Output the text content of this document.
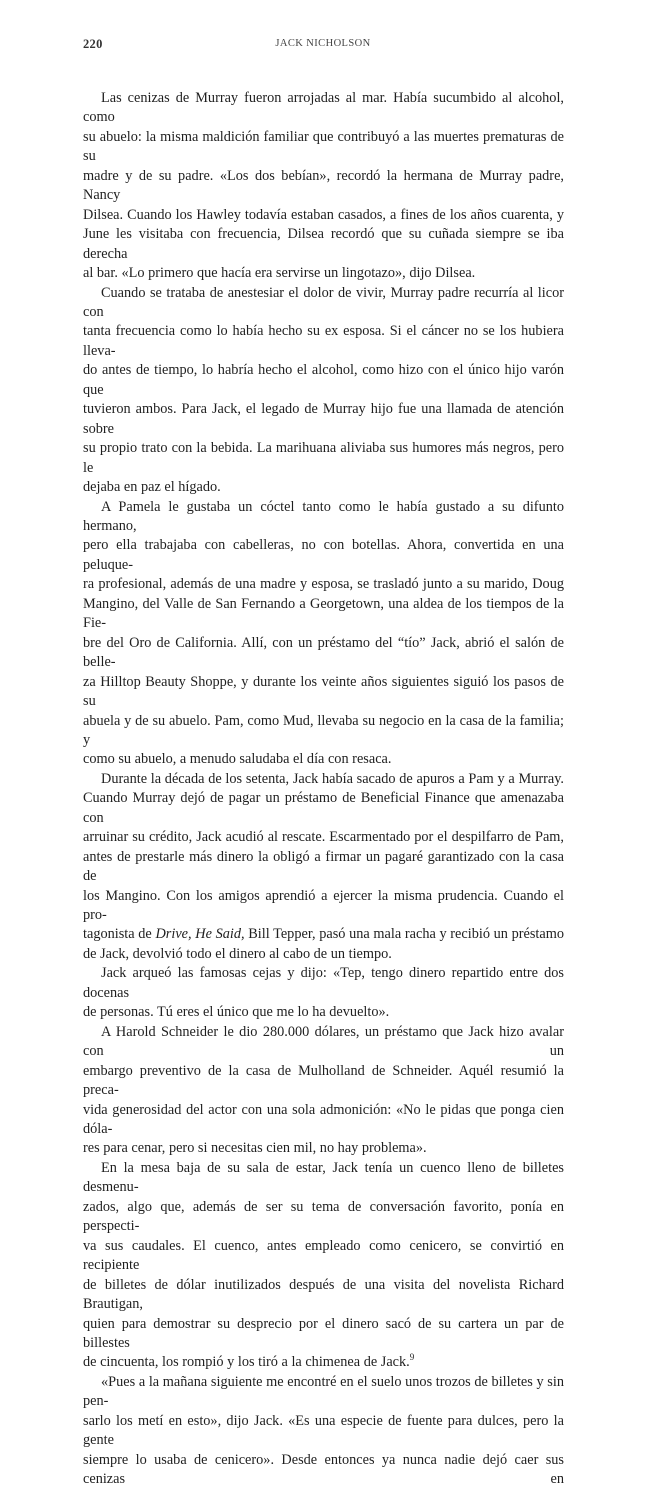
220	JACK NICHOLSON

Las cenizas de Murray fueron arrojadas al mar. Había sucumbido al alcohol, como
su abuelo: la misma maldición familiar que contribuyó a las muertes prematuras de su
madre y de su padre. «Los dos bebían», recordó la hermana de Murray padre, Nancy
Dilsea. Cuando los Hawley todavía estaban casados, a fines de los años cuarenta, y
June les visitaba con frecuencia, Dilsea recordó que su cuñada siempre se iba derecha
al bar. «Lo primero que hacía era servirse un lingotazo», dijo Dilsea.

Cuando se trataba de anestesiar el dolor de vivir, Murray padre recurría al licor con
tanta frecuencia como lo había hecho su ex esposa. Si el cáncer no se los hubiera lleva-
do antes de tiempo, lo habría hecho el alcohol, como hizo con el único hijo varón que
tuvieron ambos. Para Jack, el legado de Murray hijo fue una llamada de atención sobre
su propio trato con la bebida. La marihuana aliviaba sus humores más negros, pero le
dejaba en paz el hígado.

A Pamela le gustaba un cóctel tanto como le había gustado a su difunto hermano,
pero ella trabajaba con cabelleras, no con botellas. Ahora, convertida en una peluque-
ra profesional, además de una madre y esposa, se trasladó junto a su marido, Doug
Mangino, del Valle de San Fernando a Georgetown, una aldea de los tiempos de la Fie-
bre del Oro de California. Allí, con un préstamo del “tío” Jack, abrió el salón de belle-
za Hilltop Beauty Shoppe, y durante los veinte años siguientes siguió los pasos de su
abuela y de su abuelo. Pam, como Mud, llevaba su negocio en la casa de la familia; y
como su abuelo, a menudo saludaba el día con resaca.

Durante la década de los setenta, Jack había sacado de apuros a Pam y a Murray.
Cuando Murray dejó de pagar un préstamo de Beneficial Finance que amenazaba con
arruinar su crédito, Jack acudió al rescate. Escarmentado por el despilfarro de Pam,
antes de prestarle más dinero la obligó a firmar un pagaré garantizado con la casa de
los Mangino. Con los amigos aprendió a ejercer la misma prudencia. Cuando el pro-
tagonista de Drive, He Said, Bill Tepper, pasó una mala racha y recibió un préstamo
de Jack, devolvió todo el dinero al cabo de un tiempo.

Jack arqueó las famosas cejas y dijo: «Tep, tengo dinero repartido entre dos docenas
de personas. Tú eres el único que me lo ha devuelto».

A Harold Schneider le dio 280.000 dólares, un préstamo que Jack hizo avalar con un
embargo preventivo de la casa de Mulholland de Schneider. Aquél resumió la preca-
vida generosidad del actor con una sola admonición: «No le pidas que ponga cien dóla-
res para cenar, pero si necesitas cien mil, no hay problema».

En la mesa baja de su sala de estar, Jack tenía un cuenco lleno de billetes desmenu-
zados, algo que, además de ser su tema de conversación favorito, ponía en perspecti-
va sus caudales. El cuenco, antes empleado como cenicero, se convirtió en recipiente
de billetes de dólar inutilizados después de una visita del novelista Richard Brautigan,
quien para demostrar su desprecio por el dinero sacó de su cartera un par de billestes
de cincuenta, los rompió y los tiró a la chimenea de Jack.$^9$

«Pues a la mañana siguiente me encontré en el suelo unos trozos de billetes y sin pen-
sarlo los metí en esto», dijo Jack. «Es una especie de fuente para dulces, pero la gente
siempre lo usaba de cenicero». Desde entonces ya nunca nadie dejó caer sus cenizas en
